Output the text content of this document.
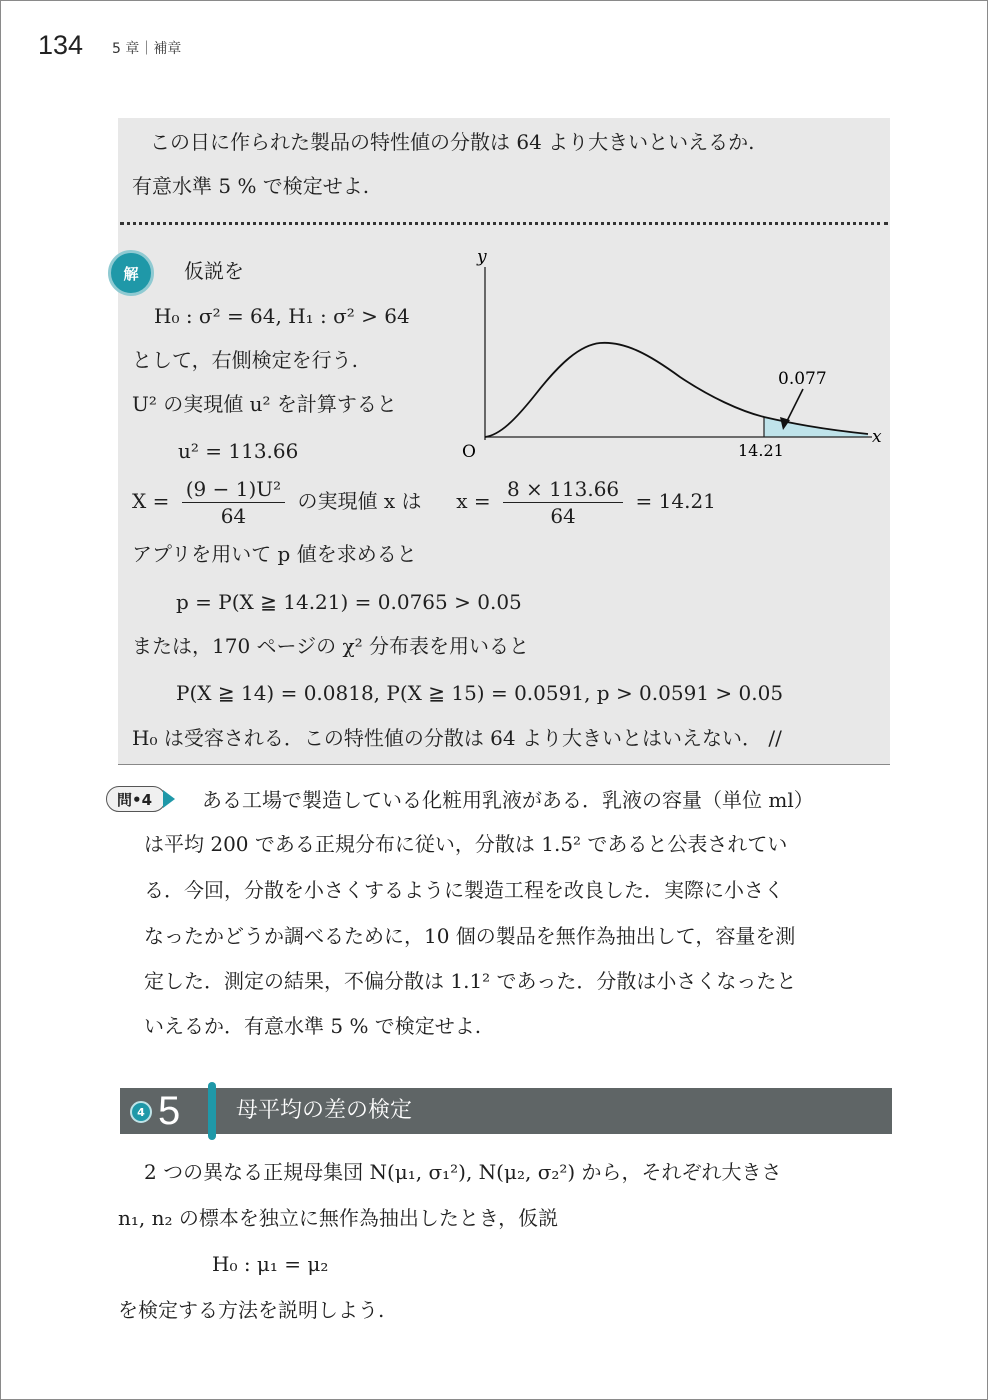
134 5 章｜補章
この日に作られた製品の特性値の分散は 64 より大きいといえるか.
有意水準 5 % で検定せよ.
解	仮説を
H₀ : σ² = 64, H₁ : σ² > 64
として，右側検定を行う.
U² の実現値 u² を計算すると
u² = 113.66
$X = \frac{\text{(9 − 1)U²}}{64}$ の実現値 x は $x = \frac{8 \times 113.66}{64} = 14.21$
アプリを用いて p 値を求めると
p = P(X ≧ 14.21) = 0.0765 > 0.05
または，170 ページの χ² 分布表を用いると
P(X ≧ 14) = 0.0818, P(X ≧ 15) = 0.0591, p > 0.0591 > 0.05
H₀ は受容される．この特性値の分散は 64 より大きいとはいえない． //
y
x
O	14.21
0.077
問•4	ある工場で製造している化粧用乳液がある．乳液の容量（単位 ml）
は平均 200 である正規分布に従い，分散は 1.5² であると公表されてい
る．今回，分散を小さくするように製造工程を改良した．実際に小さく
なったかどうか調べるために，10 個の製品を無作為抽出して，容量を測
定した．測定の結果，不偏分散は 1.1² であった．分散は小さくなったと
いえるか．有意水準 5 % で検定せよ.
4 5	母平均の差の検定
2 つの異なる正規母集団 N(μ₁, σ₁²), N(μ₂, σ₂²) から，それぞれ大きさ
n₁, n₂ の標本を独立に無作為抽出したとき，仮説
H₀ : μ₁ = μ₂
を検定する方法を説明しよう.
